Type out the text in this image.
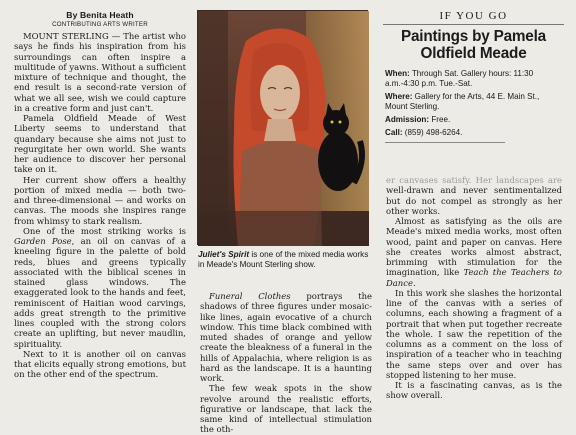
By Benita Heath
CONTRIBUTING ARTS WRITER

MOUNT STERLING — The artist who says he finds his inspiration from his surroundings can often inspire a multitude of yawns. Without a sufficient mixture of technique and thought, the end result is a second-rate version of what we all see, wish we could capture in a creative form and just can't.

Pamela Oldfield Meade of West Liberty seems to understand that quandary because she aims not just to regurgitate her own world. She wants her audience to discover her personal take on it.

Her current show offers a healthy portion of mixed media — both two- and three-dimensional — and works on canvas. The moods she inspires range from whimsy to stark realism.

One of the most striking works is Garden Pose, an oil on canvas of a kneeling figure in the palette of bold reds, blues and greens typically associated with the biblical scenes in stained glass windows. The exaggerated look to the hands and feet, reminiscent of Haitian wood carvings, adds great strength to the primitive lines coupled with the strong colors create an uplifting, but never maudlin, spirituality.

Next to it is another oil on canvas that elicits equally strong emotions, but on the other end of the spectrum.

Juliet's Spirit is one of the mixed media works in Meade's Mount Sterling show.

Funeral Clothes portrays the shadows of three figures under mosaic-like lines, again evocative of a church window. This time black combined with muted shades of orange and yellow create the bleakness of a funeral in the hills of Appalachia, where religion is as hard as the landscape. It is a haunting work.

The few weak spots in the show revolve around the realistic efforts, figurative or landscape, that lack the same kind of intellectual stimulation the oth-

IF YOU GO
Paintings by Pamela
Oldfield Meade
When: Through Sat. Gallery hours: 11:30 a.m.-4:30 p.m. Tue.-Sat.
Where: Gallery for the Arts, 44 E. Main St., Mount Sterling.
Admission: Free.
Call: (859) 498-6264.

er canvases satisfy. Her landscapes are well-drawn and never sentimentalized but do not compel as strongly as her other works.

Almost as satisfying as the oils are Meade's mixed media works, most often wood, paint and paper on canvas. Here she creates works almost abstract, brimming with stimulation for the imagination, like Teach the Teachers to Dance.

In this work she slashes the horizontal line of the canvas with a series of columns, each showing a fragment of a portrait that when put together recreate the whole. I saw the repetition of the columns as a comment on the loss of inspiration of a teacher who in teaching the same steps over and over has stopped listening to her muse.

It is a fascinating canvas, as is the show overall.
